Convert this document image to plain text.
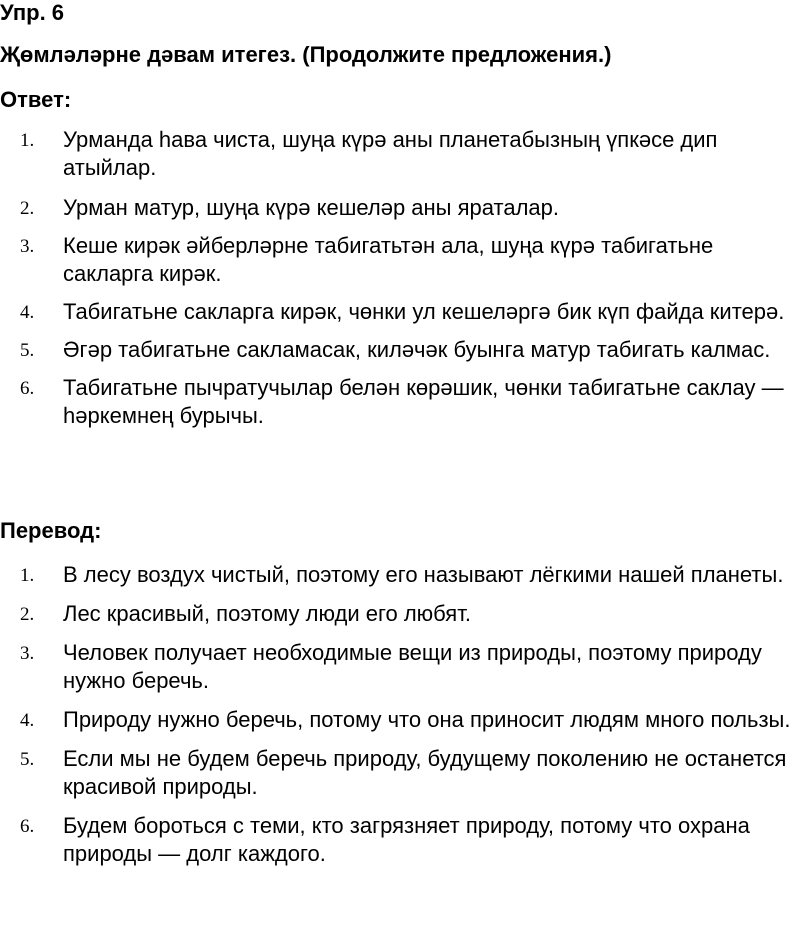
Упр. 6
Җөмләләрне дәвам итегез. (Продолжите предложения.)
Ответ:
1. Урманда һава чиста, шуңа күрә аны планетабызның үпкәсе дип атыйлар.
2. Урман матур, шуңа күрә кешеләр аны яраталар.
3. Кеше кирәк әйберләрне табигатьтән ала, шуңа күрә табигатьне сакларга кирәк.
4. Табигатьне сакларга кирәк, чөнки ул кешеләргә бик күп файда китерә.
5. Әгәр табигатьне сакламасак, киләчәк буынга матур табигать калмас.
6. Табигатьне пычратучылар белән көрәшик, чөнки табигатьне саклау — һәркемнең бурычы.
Перевод:
1. В лесу воздух чистый, поэтому его называют лёгкими нашей планеты.
2. Лес красивый, поэтому люди его любят.
3. Человек получает необходимые вещи из природы, поэтому природу нужно беречь.
4. Природу нужно беречь, потому что она приносит людям много пользы.
5. Если мы не будем беречь природу, будущему поколению не останется красивой природы.
6. Будем бороться с теми, кто загрязняет природу, потому что охрана природы — долг каждого.
